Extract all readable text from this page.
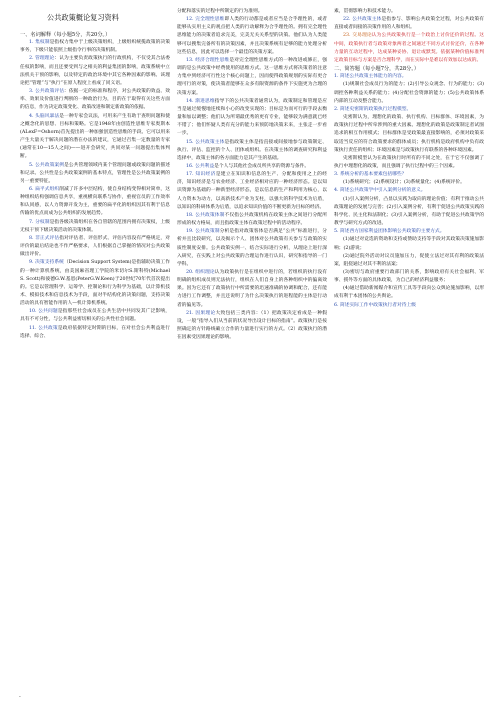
公共政策概论复习资料

一、名词解释（每小题5分，共20分。）

1. 集权制是指权力集中于上级决策组织，上级组织统揽政策的决策事务，下级只能依照上级指令行事的决策机制。

2. 管理理论：认为主要负责政策执行的行政机构，不仅受其合法委任权的影响，而且还要受到与之相关的利益集团的影响，政策系统中立法机关干预的影响，以及特定的政治环境中其它各种因素的影响。该理论把“管理”与“执行”在原人程度上看成了同义语。

3. 公共政策评估：依据一定的标准和程序，对公共政策的效益、效率、效果及价值进行判断的一种政治行为，目的在于取得有关这些方面的信息，作为决定政策变化、政策改进和制定新政策的依据。

4. 头脑风暴法是一种专家会议法，可用来产生有助于查明问题和使之概念化的思想、目标和策略。它是1948年由创造性思维专家奥斯本(ALexF=Oshorn)首先提出的一种加强创造性思维的手段。它可以用来产生大量关于解决问题的潜在办法的建议，它通过召集一定数量的专家(通常在10—15人之间)——进开会研究，共同对某一问题提出集体判断。

5. 公共政策案例是公共管理领域内某个管理问题或政策问题的描述和记录。公共性是公共政策案例的基本特点，管理性是公共政策案例的另一重要特征。

6. 扁平式组织削减了许多中层结构，使自身结构变得相对简单，这种组织结构强调信息共享，重视横向联系与协作，重视官员的工作效率和认同感，以人力资源开发为主，重要的扁平化的组织因其有利于信息传输的优点而成为公共组织的发展趋势。

7. 分权制是指各级决策组织在各自管辖的范围内拥有决策权，上级无权干预下级决策活动的决策体制。

8. 非正式评估指对评估者、评估形式、评估内容没有严格规定，对评价的最后结论也不作严格要求，人们根据自己掌握的情况对公共政策做出评价。

9. 决策支持系统（Decision Support System)是指辅助决策工作的一种计算机系统，由美国麻省理工学院的米切尔S.斯科特(Michael S. Scott)和彼德G.W.基恩(PeterG.W.Keen)于20世纪70年代首次提出的。它是以管理科学、运筹学、控制论和行为科学为基础，以计算机技术、模拟技术和信息技术为手段，面对半结构化的决策问题，支持决策活动的具有智能作用的人—机计算机系统。

10. 公共问题是指那些社会成员在公共生活中共同发其广泛影响，具有不可分性，与公共利益密切相关的公共性社会问题。

11. 公共政策是政府依据特定时期的目标，在对社会公共利益进行选择、综合、

分配和落实的过程中所制定的行为准则。

12. 完全理性思维即人类的行动都是或者应当是合乎理性的，或者能够从实用主义的观点把人类的行动解释为合乎理性的。拥有完全理性思维能力的决策者追求完美，完美无关关系型的决策。他们认为人类能够可以搜集完备所有的决策因素，并且决策系统有足够的能力处理分析这些信息，因此可以选择一个最佳的决策方案。

13. 经济合理性思维是对完全理性思维方式的一种改进或修正，强调的是公共政策中经费使用的思维方式。这一思维方式将决策者的注意力集中到经济可行性这个核心问题上，因而使得政策规划的实际有更合理可行的对策，使决策者能够在众多有限资源的条件下实施更为合理的决策方案。

14. 渐进思维指导下的公共决策者通常认为，政策制定和管理是应当是通过缓慢地连续和小心的改变实现的；目标是为而可行的手段去衡量和加以调整；他们认为所谓最优秀的更有专业，能够较为满意就已经不错了；他们怀疑人类有充分的能力来预防地决策未来，主张走一步看一步。

15. 公共政策主体是指政策主体是指直接或间接地参与政策制定、执行、评估、监控的个人、团体或组织。在决策主体的调查研究和利益选择中，政策主体的各方面能力是其产生的基础。

16. 公共利益是个人与其他社会成员所共享的资源与条件。

17. 知识经济是建立在知识和信息的生产、分配和使用之上的经济，知识经济是与农业经济、工业经济相对应的一种经济形态。是以知识资源为基础的一种新型经济形态，是以信息的生产和利用为核心，以人力资本为动力，以高新技术产业为支柱，以强大的科学技术为后盾，以知识的科研体系为后盾，以追求知识价值的不断更新为目标的经济。

18. 公共政策体制不仅指公共政策机构在政策主体之间进行分配所形成的权力格局，而且指政策主体在政策过程中的活动程序。

19. 公共政策制分析是指对政策客体是否满足“公共”标准进行，分析并且比较研究，以及揭示个人、团体对公共政策有关参与与政策的实质性制度安排。公共政策实例一、结合实际进行分析，从理论上进行深入研究，在实践上对公共政策的合理运作进行认识，研究和指导的一门学科。

20. 组织理论认为政策执行是在组织中进行的，若组织的执行没有明确的组织成员则无法执行，组织在人们自身上的各种组织中的偏离效果。因为它还有了政策执行中所需要的迅速准确的协调和配合，还有能力进行工作调整，并且还说明了为什么决策执行的进程能的主体是行动者的偏见等。

21. 因果理论大致包括三类内容：（1）把政策决定看成是一种假设，一般“指导入们从当前的状况导出设计目标的指南”。政策执行是按照确定的方针路线确立合作的力量进行实行的方式。（2）政策执行的潜在因素受因果理论的影响。

素，贯彻影响力和技术能力。

22. 公共政策主体是指参与、影响公共政策全过程，对公共政策有直接或者间接的决策作用的人和组织。

23. 交易理论认为公共政策执行是一个政治上讨价还价的过程。这中间，政策执行者与政策对象两者之间通过不同方式讨价还价，在各种力量的互动过程中，达成某种妥协、退让或默契。依据某种价值标准判定政策目标与方案是否合理科学，而在实际中是难以有效加以达成的。

二、简答题（每小题7分，共28分。）

1. 简述公共政策主体能力的内容。

(1)规制社会成员行为的能力；(2)引导公众观念、行为的能力；(3)调控各种利益关系的能力；(4)分配社会资源的能力；(5)公共政策体系内部的互动及整合能力。

2. 简述史密斯的政策执行过程模型。

史密斯认为，理想化的政策、执行机构、目标群体、环境因素，为政策执行过程中所牵涉到的重大因素。理想化的政策是政策制定者试图追求的相互作用模式；目标群体是受政策最直接影响的，必须对政策采取适当反应的符合政策要求的群体成员；执行机构是政府机构中负有政策执行责任的组织；环境因素是与政策执行有联系的各种环境因素。

史密斯模型认为在政策执行时所有的不同之处，在于它不仅强调了执行中理想化的政策，而且强调了执行过程中的三个因素。

3. 系统分析的基本要素包括哪些？

(1)系统研究；(2)系统设计；(3)系统量化；(4)系统评价。

4. 简述公共政策学中引入案例分析的意义。

(1)引入案例分析，凸显以实践为取向的理论价值；有利于推动公共政策理论的发展与完善；(2)引入案例分析，有利于促进公共政策实践的科学化、民主化和法制化；(3)引入案例分析，有助于促进公共政策学的教学与研究方式的改进。

5. 简述西方国家利益团体影响公共政策的主要方式。

(1)通过对竞选的资助和支持或赞助支持等手段对其政策决策施加影响；(2)游说；

(2)通过院外活动对议员施加压力，促使立法过对其有利的政策法案，阻挠通过对其不利的法案；

(3)密切与政府重要行政部门的关系，影响政府有关社会福利、军事、援外等方面的具体政策，为自己的经济利益服务；

(4)通过借助新闻媒介和宣传工具等手段向公众舆论施加影响，以形成有利于本团体的公共舆论。

6. 简述实际工作中政策执行者对待上级

·
